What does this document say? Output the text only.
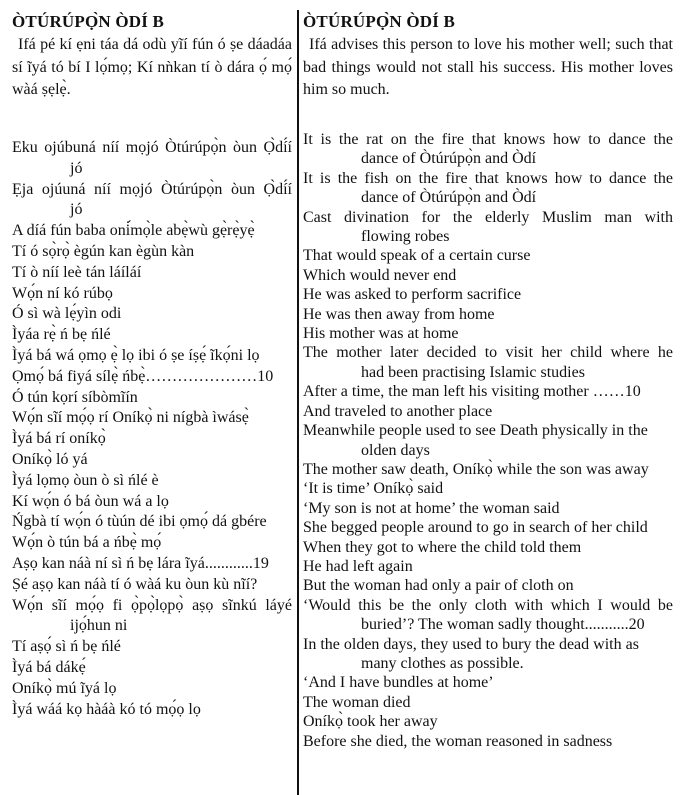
ÒTÚRÚPỌ̀N ÒDÍ B
Ifá pé kí ẹni táa dá odù yĩí fún ó ṣe dáadáa sí ĩyá tó bí I lọ́mọ; Kí nǹkan tí ò dára ọ́ mọ́ wàá ṣẹlẹ̀.
Eku ojúbuná níí mọjó Òtúrúpọ̀n òun Ọ̀dí́í
jó
Ẹja ojúuná níí mọjó Òtúrúpọ̀n òun Ọ̀dí́í
jó
A díá fún baba oni̇́mọ̀le abẹ̀wù gẹ̀rẹ̀yẹ̀
Tí ó sọ̀rọ̀ ègún kan ègùn kàn
Tí ò níí leè tán láíláí
Wọ́n ní kó rúbọ
Ó sì wà lẹ́yìn odi
Ìyáa rẹ̀ ń bẹ ńlé
Ìyá bá wá ọmọ ẹ̀ lọ ibi ó ṣe íṣẹ́ ĩkọ́ni lọ
Ọmọ́ bá fiyá sílẹ̀ ńbẹ̀…………………10
Ó tún kọrí síbòmĩín
Wọ́n sĩí mọ́ọ rí Oníkọ̀ ni nígbà ìwásẹ̀
Ìyá bá rí oníkọ̀
Oníkọ̀ ló yá
Ìyá lọmọ òun ò sì ńlé è
Kí wọ́n ó bá òun wá a lọ
Ńgbà tí wọ́n ó tùún dé ibi ọmọ́ dá gbére
Wọ́n ò tún bá a ńbẹ̀ mọ́
Aṣọ kan náà ní sì ń bẹ lára ĩyá............19
Ṣé aṣọ kan náà tí ó wàá ku òun kù nĩí?
Wọ́n sĩí mọ́ọ fi ọ̀pọ̀lọpọ̀ aṣọ sĩnkú láyé
ijọ́hun ni
Tí aṣọ́ sì ń bẹ ńlé
Ìyá bá dákẹ́
Oníkọ̀ mú ĩyá lọ
Ìyá wáá kọ hàáà kó tó mọ́ọ lọ
ÒTÚRÚPỌ̀N ÒDÍ B
Ifá advises this person to love his mother well; such that bad things would not stall his success. His mother loves him so much.
It is the rat on the fire that knows how to dance the
dance of Òtúrúpọ̀n and Òdí
It is the fish on the fire that knows how to dance the
dance of Òtúrúpọ̀n and Òdí
Cast divination for the elderly Muslim man with
flowing robes
That would speak of a certain curse
Which would never end
He was asked to perform sacrifice
He was then away from home
His mother was at home
The mother later decided to visit her child where he
had been practising Islamic studies
After a time, the man left his visiting mother ……10
And traveled to another place
Meanwhile people used to see Death physically in the
olden days
The mother saw death, Oníkọ̀ while the son was away
‘It is time’ Oníkọ̀ said
‘My son is not at home’ the woman said
She begged people around to go in search of her child
When they got to where the child told them
He had left again
But the woman had only a pair of cloth on
‘Would this be the only cloth with which I would be
buried’? The woman sadly thought...........20
In the olden days, they used to bury the dead with as
many clothes as possible.
‘And I have bundles at home’
The woman died
Oníkọ̀ took her away
Before she died, the woman reasoned in sadness
